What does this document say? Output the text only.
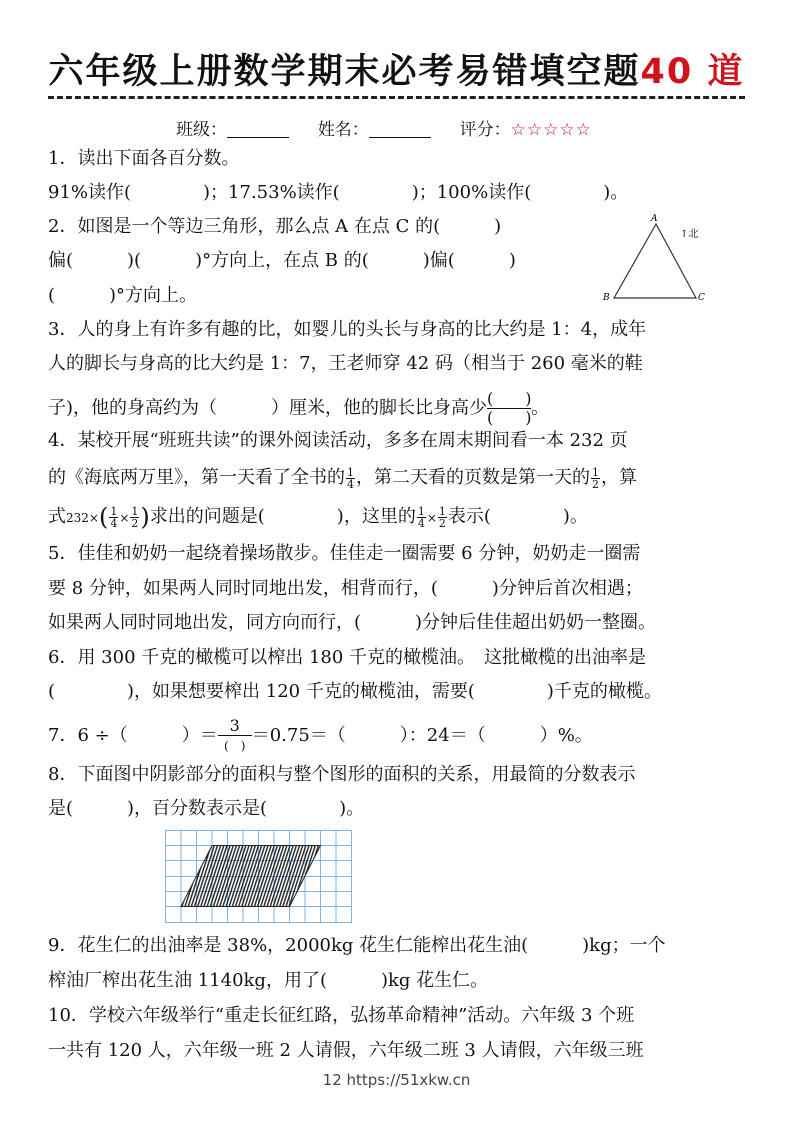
六年级上册数学期末必考易错填空题40 道
班级：	姓名：	评分：☆☆☆☆☆
1．读出下面各百分数。
91%读作(　　　　)；17.53%读作(　　　　)；100%读作(　　　　)。
2．如图是一个等边三角形，那么点 A 在点 C 的(　　　)
偏(　　　)(　　　)°方向上，在点 B 的(　　　)偏(　　　)
(　　　)°方向上。
A
B	C
↑北
3．人的身上有许多有趣的比，如婴儿的头长与身高的比大约是 1：4，成年
人的脚长与身高的比大约是 1：7，王老师穿 42 码（相当于 260 毫米的鞋
子)，他的身高约为（　　　）厘米，他的脚长比身高少 $\frac{( )}{( )}$。
4．某校开展“班班共读”的课外阅读活动，多多在周末期间看一本 232 页
的《海底两万里》，第一天看了全书的 $\frac{1}{4}$ ，第二天看的页数是第一天的 $\frac{1}{2}$ ，算
式$232\times( \frac{1}{4} \times \frac{1}{2}$ )求出的问题是(　　　　)，这里的 $\frac{1}{4} \times \frac{1}{2}$ 表示(　　　　)。
5．佳佳和奶奶一起绕着操场散步。佳佳走一圈需要 6 分钟，奶奶走一圈需
要 8 分钟，如果两人同时同地出发，相背而行，(　　　)分钟后首次相遇；
如果两人同时同地出发，同方向而行，(　　　)分钟后佳佳超出奶奶一整圈。
6．用 300 千克的橄榄可以榨出 180 千克的橄榄油。　这批橄榄的出油率是
(　　　　)，如果想要榨出 120 千克的橄榄油，需要(　　　　)千克的橄榄。
7．6 ÷（　　　）＝ $\frac{3}{( )}=0.75=$（　　　）：24＝（　　　）%。
8．下面图中阴影部分的面积与整个图形的面积的关系，用最简的分数表示
是(　　　)，百分数表示是(　　　　)。
9．花生仁的出油率是 38%，2000kg 花生仁能榨出花生油(　　　)kg；一个
榨油厂榨出花生油 1140kg，用了(　　　)kg 花生仁。
10．学校六年级举行“重走长征红路，弘扬革命精神”活动。六年级 3 个班
一共有 120 人，六年级一班 2 人请假，六年级二班 3 人请假，六年级三班
12 https://51xkw.cn
